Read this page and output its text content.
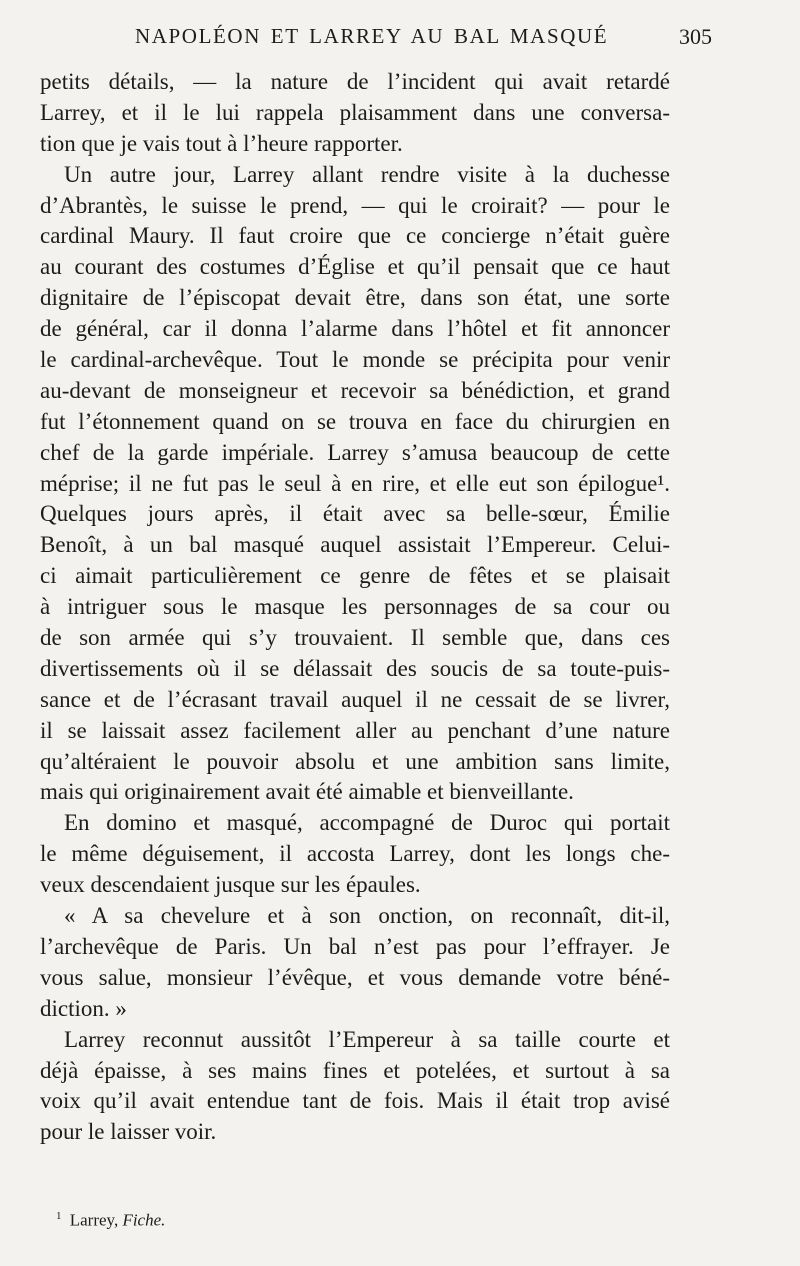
NAPOLÉON ET LARREY AU BAL MASQUÉ	305
petits détails, — la nature de l’incident qui avait retardé
Larrey, et il le lui rappela plaisamment dans une conversa-
tion que je vais tout à l’heure rapporter.
Un autre jour, Larrey allant rendre visite à la duchesse
d’Abrantès, le suisse le prend, — qui le croirait? — pour le
cardinal Maury. Il faut croire que ce concierge n’était guère
au courant des costumes d’Église et qu’il pensait que ce haut
dignitaire de l’épiscopat devait être, dans son état, une sorte
de général, car il donna l’alarme dans l’hôtel et fit annoncer
le cardinal-archevêque. Tout le monde se précipita pour venir
au-devant de monseigneur et recevoir sa bénédiction, et grand
fut l’étonnement quand on se trouva en face du chirurgien en
chef de la garde impériale. Larrey s’amusa beaucoup de cette
méprise; il ne fut pas le seul à en rire, et elle eut son épilogue¹.
Quelques jours après, il était avec sa belle-sœur, Émilie
Benoît, à un bal masqué auquel assistait l’Empereur. Celui-
ci aimait particulièrement ce genre de fêtes et se plaisait
à intriguer sous le masque les personnages de sa cour ou
de son armée qui s’y trouvaient. Il semble que, dans ces
divertissements où il se délassait des soucis de sa toute-puis-
sance et de l’écrasant travail auquel il ne cessait de se livrer,
il se laissait assez facilement aller au penchant d’une nature
qu’altéraient le pouvoir absolu et une ambition sans limite,
mais qui originairement avait été aimable et bienveillante.
En domino et masqué, accompagné de Duroc qui portait
le même déguisement, il accosta Larrey, dont les longs che-
veux descendaient jusque sur les épaules.
« A sa chevelure et à son onction, on reconnaît, dit-il,
l’archevêque de Paris. Un bal n’est pas pour l’effrayer. Je
vous salue, monsieur l’évêque, et vous demande votre béné-
diction. »
Larrey reconnut aussitôt l’Empereur à sa taille courte et
déjà épaisse, à ses mains fines et potelées, et surtout à sa
voix qu’il avait entendue tant de fois. Mais il était trop avisé
pour le laisser voir.
$^1$ Larrey, Fiche.
